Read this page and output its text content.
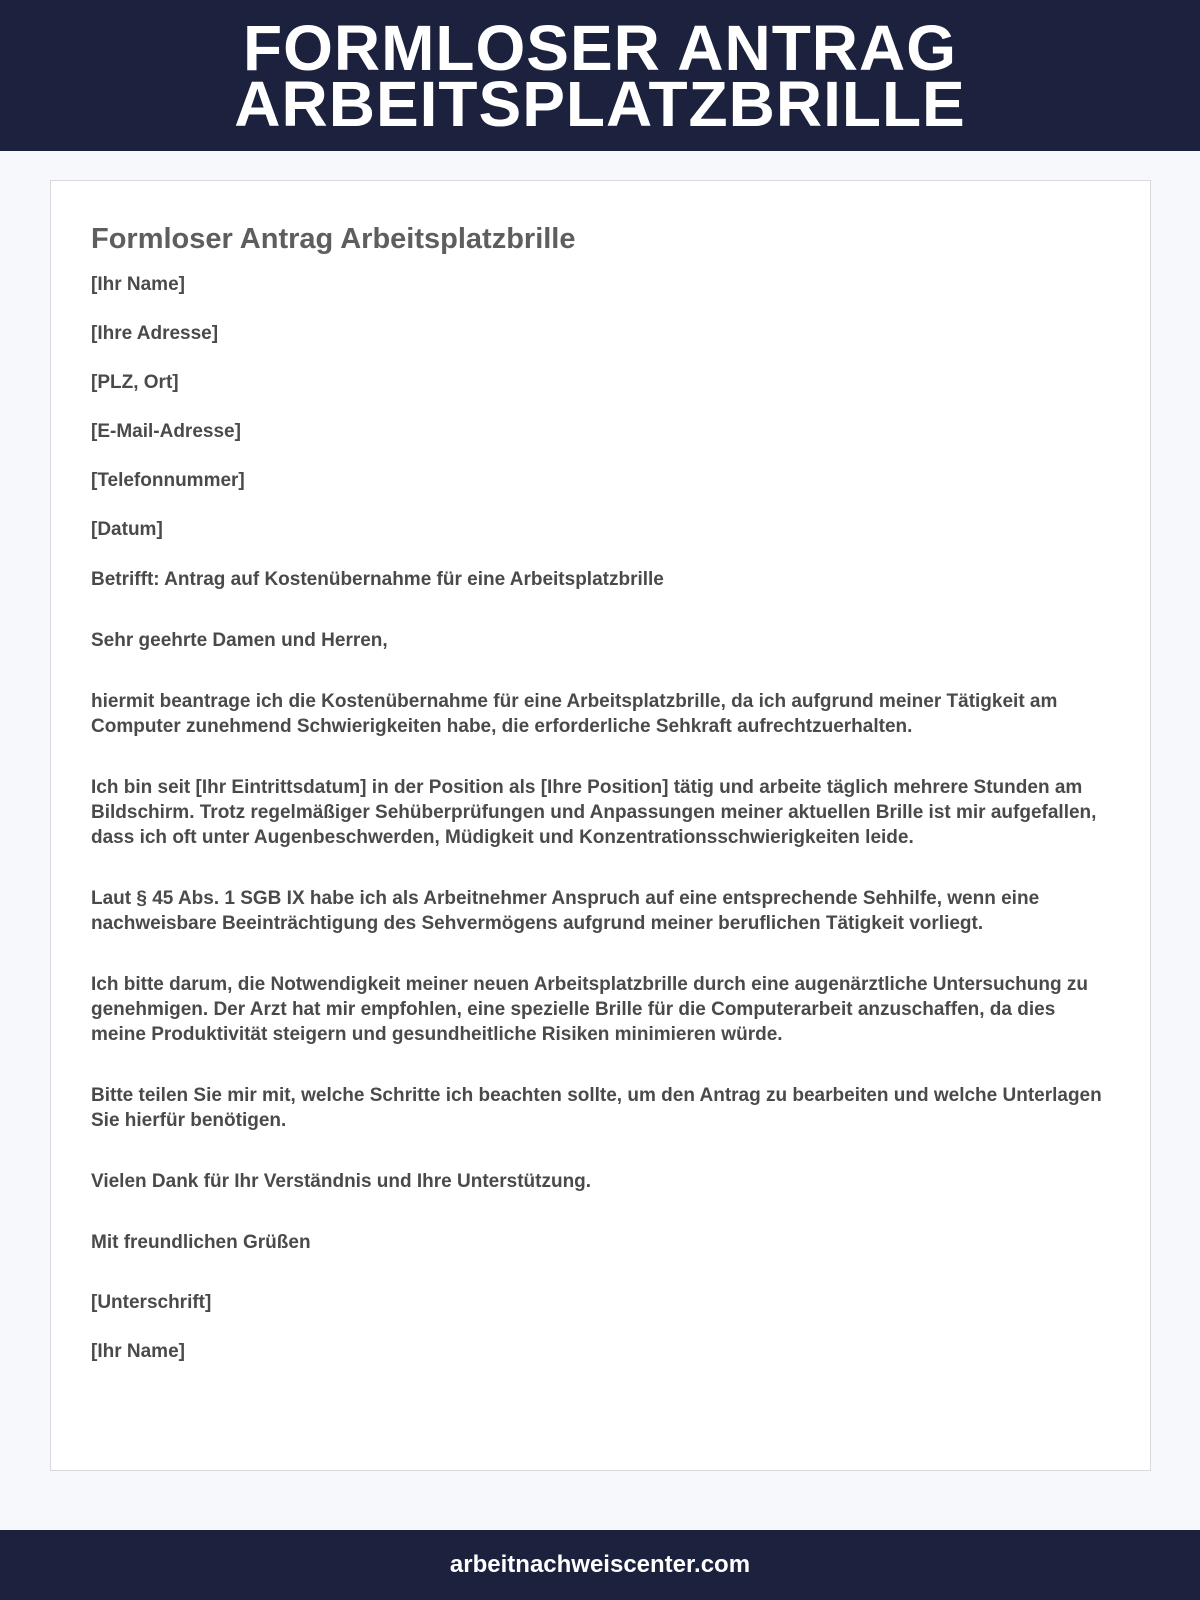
FORMLOSER ANTRAG ARBEITSPLATZBRILLE
Formloser Antrag Arbeitsplatzbrille

[Ihr Name]

[Ihre Adresse]

[PLZ, Ort]

[E-Mail-Adresse]

[Telefonnummer]

[Datum]

Betrifft: Antrag auf Kostenübernahme für eine Arbeitsplatzbrille

Sehr geehrte Damen und Herren,

hiermit beantrage ich die Kostenübernahme für eine Arbeitsplatzbrille, da ich aufgrund meiner Tätigkeit am Computer zunehmend Schwierigkeiten habe, die erforderliche Sehkraft aufrechtzuerhalten.

Ich bin seit [Ihr Eintrittsdatum] in der Position als [Ihre Position] tätig und arbeite täglich mehrere Stunden am Bildschirm. Trotz regelmäßiger Sehüberprüfungen und Anpassungen meiner aktuellen Brille ist mir aufgefallen, dass ich oft unter Augenbeschwerden, Müdigkeit und Konzentrationsschwierigkeiten leide.

Laut § 45 Abs. 1 SGB IX habe ich als Arbeitnehmer Anspruch auf eine entsprechende Sehhilfe, wenn eine nachweisbare Beeinträchtigung des Sehvermögens aufgrund meiner beruflichen Tätigkeit vorliegt.

Ich bitte darum, die Notwendigkeit meiner neuen Arbeitsplatzbrille durch eine augenärztliche Untersuchung zu genehmigen. Der Arzt hat mir empfohlen, eine spezielle Brille für die Computerarbeit anzuschaffen, da dies meine Produktivität steigern und gesundheitliche Risiken minimieren würde.

Bitte teilen Sie mir mit, welche Schritte ich beachten sollte, um den Antrag zu bearbeiten und welche Unterlagen Sie hierfür benötigen.

Vielen Dank für Ihr Verständnis und Ihre Unterstützung.

Mit freundlichen Grüßen

[Unterschrift]

[Ihr Name]

arbeitnachweiscenter.com
